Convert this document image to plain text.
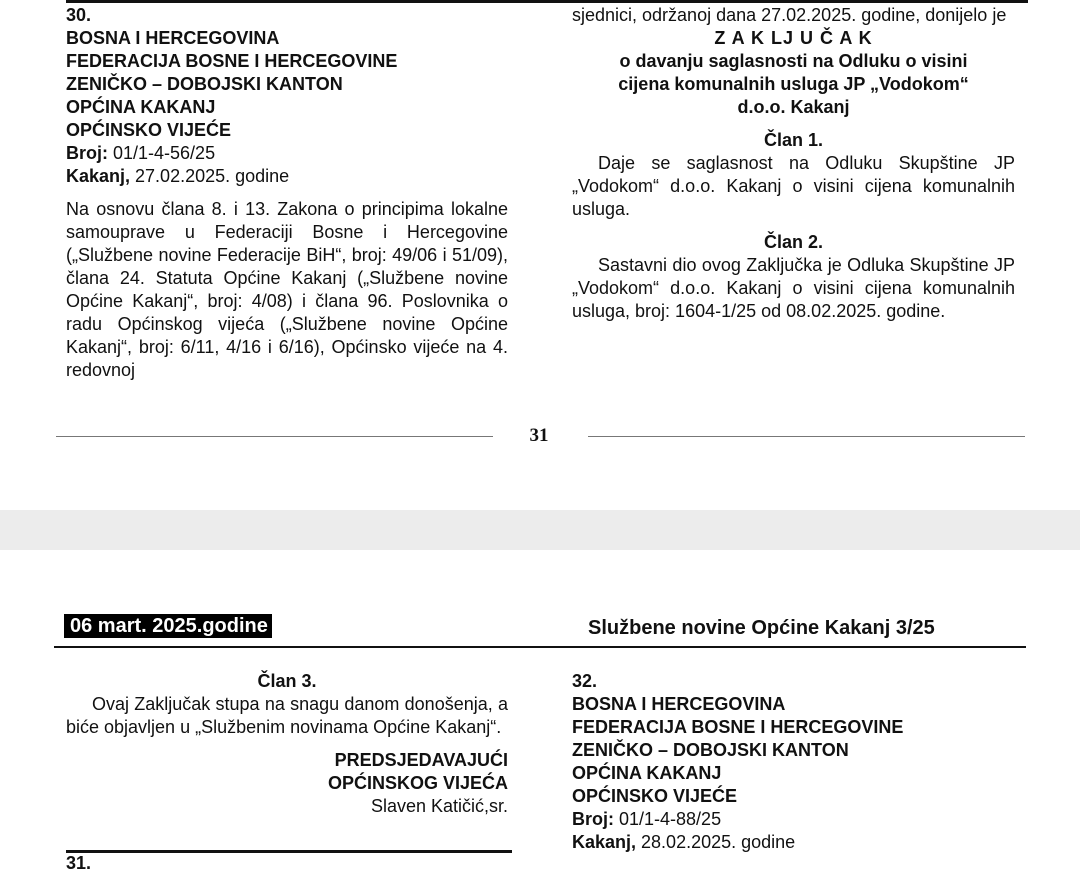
30.
BOSNA I HERCEGOVINA
FEDERACIJA BOSNE I HERCEGOVINE
ZENIČKO – DOBOJSKI KANTON
OPĆINA KAKANJ
OPĆINSKO VIJEĆE
Broj: 01/1-4-56/25
Kakanj, 27.02.2025. godine

Na osnovu člana 8. i 13. Zakona o principima lokalne samouprave u Federaciji Bosne i Hercegovine („Službene novine Federacije BiH“, broj: 49/06 i 51/09), člana 24. Statuta Općine Kakanj („Službene novine Općine Kakanj“, broj: 4/08) i člana 96. Poslovnika o radu Općinskog vijeća („Službene novine Općine Kakanj“, broj: 6/11, 4/16 i 6/16), Općinsko vijeće na 4. redovnoj

sjednici, održanoj dana 27.02.2025. godine, donijelo je

Z A K LJ U Č A K
o davanju saglasnosti na Odluku o visini cijena komunalnih usluga JP „Vodokom“ d.o.o. Kakanj
Član 1.

Daje se saglasnost na Odluku Skupštine JP „Vodokom“ d.o.o. Kakanj o visini cijena komunalnih usluga.

Član 2.

Sastavni dio ovog Zaključka je Odluka Skupštine JP „Vodokom“ d.o.o. Kakanj o visini cijena komunalnih usluga, broj: 1604-1/25 od 08.02.2025. godine.

31
06 mart. 2025.godine	Službene novine Općine Kakanj 3/25
Član 3.

Ovaj Zaključak stupa na snagu danom donošenja, a biće objavljen u „Službenim novinama Općine Kakanj“.

PREDSJEDAVAJUĆI
OPĆINSKOG VIJEĆA
Slaven Katičić,sr.
31.
32.
BOSNA I HERCEGOVINA
FEDERACIJA BOSNE I HERCEGOVINE
ZENIČKO – DOBOJSKI KANTON
OPĆINA KAKANJ
OPĆINSKO VIJEĆE
Broj: 01/1-4-88/25
Kakanj, 28.02.2025. godine
